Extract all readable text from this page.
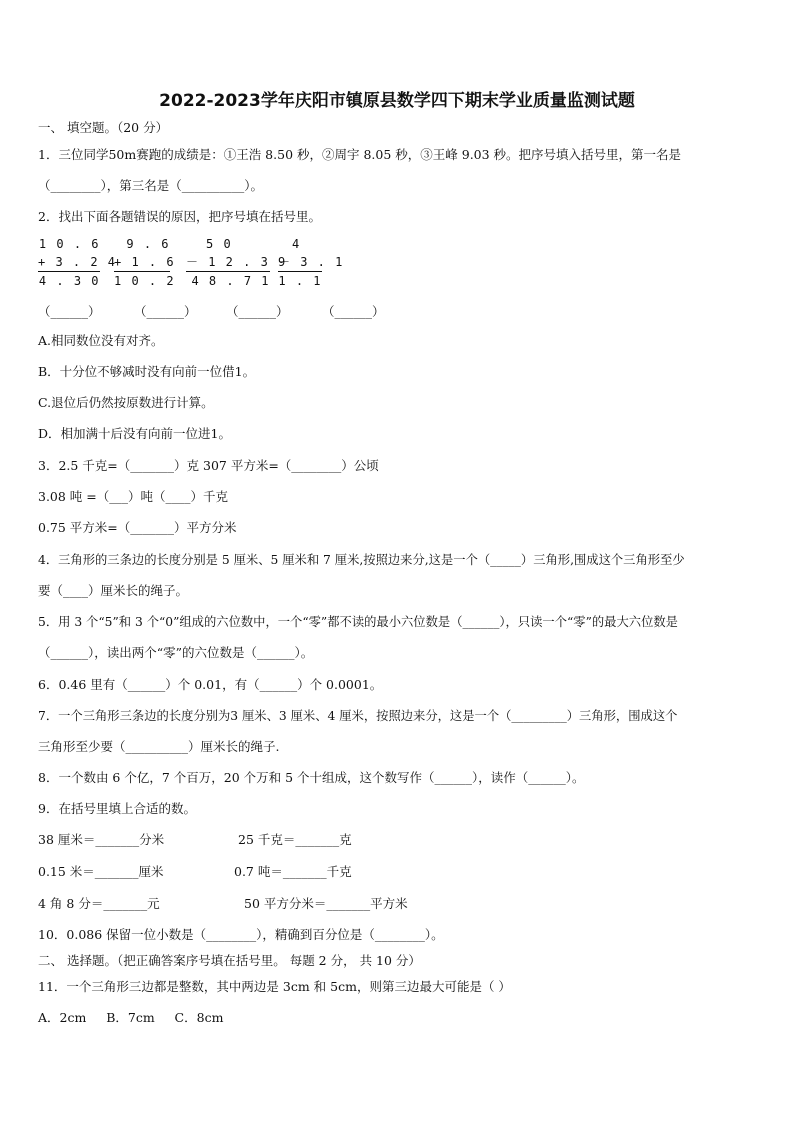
2022-2023学年庆阳市镇原县数学四下期末学业质量监测试题
一、 填空题。（20 分）
1．三位同学50m赛跑的成绩是：①王浩 8.50 秒，②周宇 8.05 秒，③王峰 9.03 秒。把序号填入括号里，第一名是
（________），第三名是（__________）。
2．找出下面各题错误的原因，把序号填在括号里。
1 0 . 6
+ 3 . 2 4
4 . 3 0
9 . 6
+ 1 . 6
1 0 . 2
5 0
－ 1 2 . 3 9
4 8 . 7 1
4
－ 3 . 1
1 . 1
（______）	（______） （______）	（______）
A.相同数位没有对齐。
B．十分位不够减时没有向前一位借1。
C.退位后仍然按原数进行计算。
D．相加满十后没有向前一位进1。
3．2.5 千克=（_______）克 307 平方米=（________）公顷
3.08 吨 =（___）吨（____）千克
0.75 平方米=（_______）平方分米
4．三角形的三条边的长度分别是 5 厘米、5 厘米和 7 厘米,按照边来分,这是一个（_____）三角形,围成这个三角形至少
要（____）厘米长的绳子。
5．用 3 个“5”和 3 个“0”组成的六位数中，一个“零”都不读的最小六位数是（______），只读一个“零”的最大六位数是
（______），读出两个“零”的六位数是（______）。
6．0.46 里有（______）个 0.01，有（______）个 0.0001。
7．一个三角形三条边的长度分别为3 厘米、3 厘米、4 厘米，按照边来分，这是一个（_________）三角形，围成这个
三角形至少要（__________）厘米长的绳子.
8．一个数由 6 个亿，7 个百万，20 个万和 5 个十组成，这个数写作（______），读作（______）。
9．在括号里填上合适的数。
38 厘米＝_______分米	25 千克＝_______克
0.15 米＝_______厘米	0.7 吨＝_______千克
4 角 8 分＝_______元	50 平方分米＝_______平方米
10．0.086 保留一位小数是（________），精确到百分位是（________）。
二、 选择题。（把正确答案序号填在括号里。 每题 2 分， 共 10 分）
11．一个三角形三边都是整数，其中两边是 3cm 和 5cm，则第三边最大可能是（ ）
A．2cm     B．7cm     C．8cm
